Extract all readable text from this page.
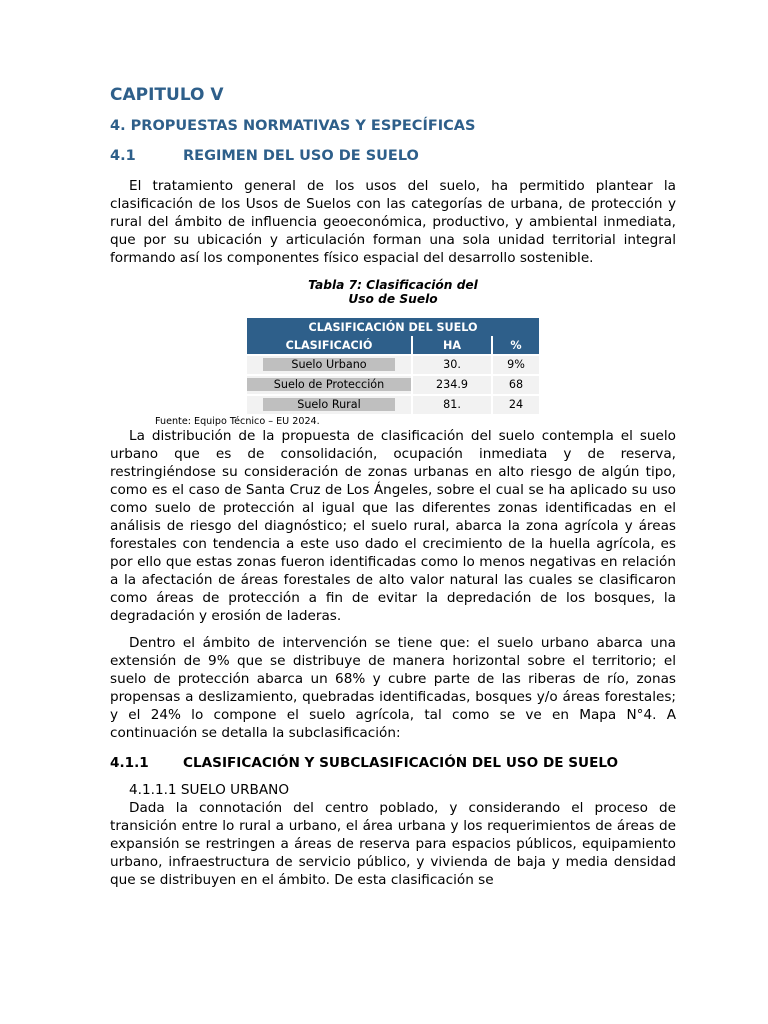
CAPITULO V
4. PROPUESTAS NORMATIVAS Y ESPECÍFICAS
4.1	REGIMEN DEL USO DE SUELO

El tratamiento general de los usos del suelo, ha permitido plantear la clasificación de los Usos de Suelos con las categorías de urbana, de protección y rural del ámbito de influencia geoeconómica, productivo, y ambiental inmediata, que por su ubicación y articulación forman una sola unidad territorial integral formando así los componentes físico espacial del desarrollo sostenible.

Tabla 7: Clasificación del
Uso de Suelo
CLASIFICACIÓN DEL SUELO		
CLASIFICACIÓ	HA	%
Suelo Urbano	30.	9%

Suelo de Protección	234.9	68

Suelo Rural	81.	24
Fuente: Equipo Técnico – EU 2024.

La distribución de la propuesta de clasificación del suelo contempla el suelo urbano que es de consolidación, ocupación inmediata y de reserva, restringiéndose su consideración de zonas urbanas en alto riesgo de algún tipo, como es el caso de Santa Cruz de Los Ángeles, sobre el cual se ha aplicado su uso como suelo de protección al igual que las diferentes zonas identificadas en el análisis de riesgo del diagnóstico; el suelo rural, abarca la zona agrícola y áreas forestales con tendencia a este uso dado el crecimiento de la huella agrícola, es por ello que estas zonas fueron identificadas como lo menos negativas en relación a la afectación de áreas forestales de alto valor natural las cuales se clasificaron como áreas de protección a fin de evitar la depredación de los bosques, la degradación y erosión de laderas.

Dentro el ámbito de intervención se tiene que: el suelo urbano abarca una extensión de 9% que se distribuye de manera horizontal sobre el territorio; el suelo de protección abarca un 68% y cubre parte de las riberas de río, zonas propensas a deslizamiento, quebradas identificadas, bosques y/o áreas forestales; y el 24% lo compone el suelo agrícola, tal como se ve en Mapa N°4. A continuación se detalla la subclasificación:

4.1.1	CLASIFICACIÓN Y SUBCLASIFICACIÓN DEL USO DE SUELO
4.1.1.1 SUELO URBANO

Dada la connotación del centro poblado, y considerando el proceso de transición entre lo rural a urbano, el área urbana y los requerimientos de áreas de expansión se restringen a áreas de reserva para espacios públicos, equipamiento urbano, infraestructura de servicio público, y vivienda de baja y media densidad que se distribuyen en el ámbito. De esta clasificación se
